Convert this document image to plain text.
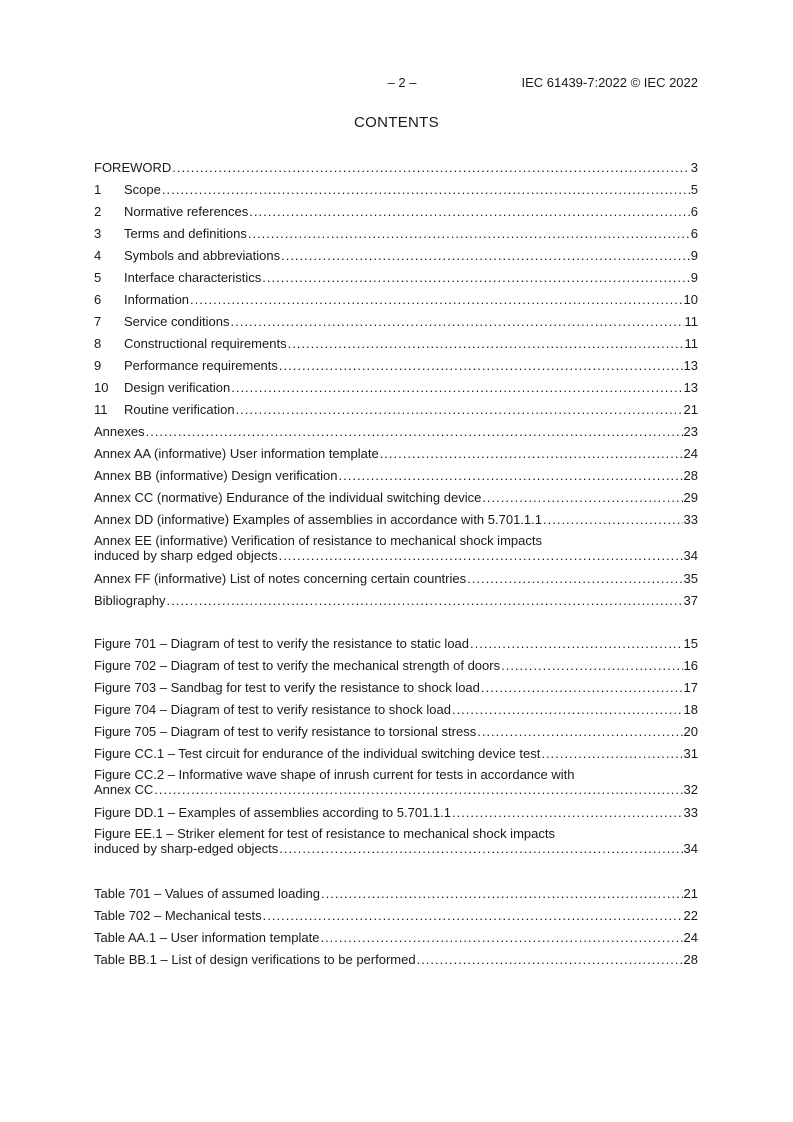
– 2 –	IEC 61439-7:2022 © IEC 2022
CONTENTS
FOREWORD .....	3
1	Scope .....	5
2	Normative references .....	6
3	Terms and definitions .....	6
4	Symbols and abbreviations .....	9
5	Interface characteristics .....	9
6	Information .....	10
7	Service conditions .....	11
8	Constructional requirements .....	11
9	Performance requirements .....	13
10	Design verification .....	13
11	Routine verification .....	21
Annexes .....	23
Annex AA (informative) User information template .....	24
Annex BB (informative) Design verification .....	28
Annex CC (normative) Endurance of the individual switching device .....	29
Annex DD (informative) Examples of assemblies in accordance with 5.701.1.1 .....	33
Annex EE (informative) Verification of resistance to mechanical shock impacts
induced by sharp edged objects .....	34
Annex FF (informative) List of notes concerning certain countries .....	35
Bibliography .....	37
Figure 701 – Diagram of test to verify the resistance to static load .....	15
Figure 702 – Diagram of test to verify the mechanical strength of doors .....	16
Figure 703 – Sandbag for test to verify the resistance to shock load .....	17
Figure 704 – Diagram of test to verify resistance to shock load .....	18
Figure 705 – Diagram of test to verify resistance to torsional stress .....	20
Figure CC.1 – Test circuit for endurance of the individual switching device test .....	31
Figure CC.2 – Informative wave shape of inrush current for tests in accordance with
Annex CC .....	32
Figure DD.1 – Examples of assemblies according to 5.701.1.1 .....	33
Figure EE.1 – Striker element for test of resistance to mechanical shock impacts
induced by sharp-edged objects .....	34
Table 701 – Values of assumed loading .....	21
Table 702 – Mechanical tests .....	22
Table AA.1 – User information template .....	24
Table BB.1 – List of design verifications to be performed .....	28
